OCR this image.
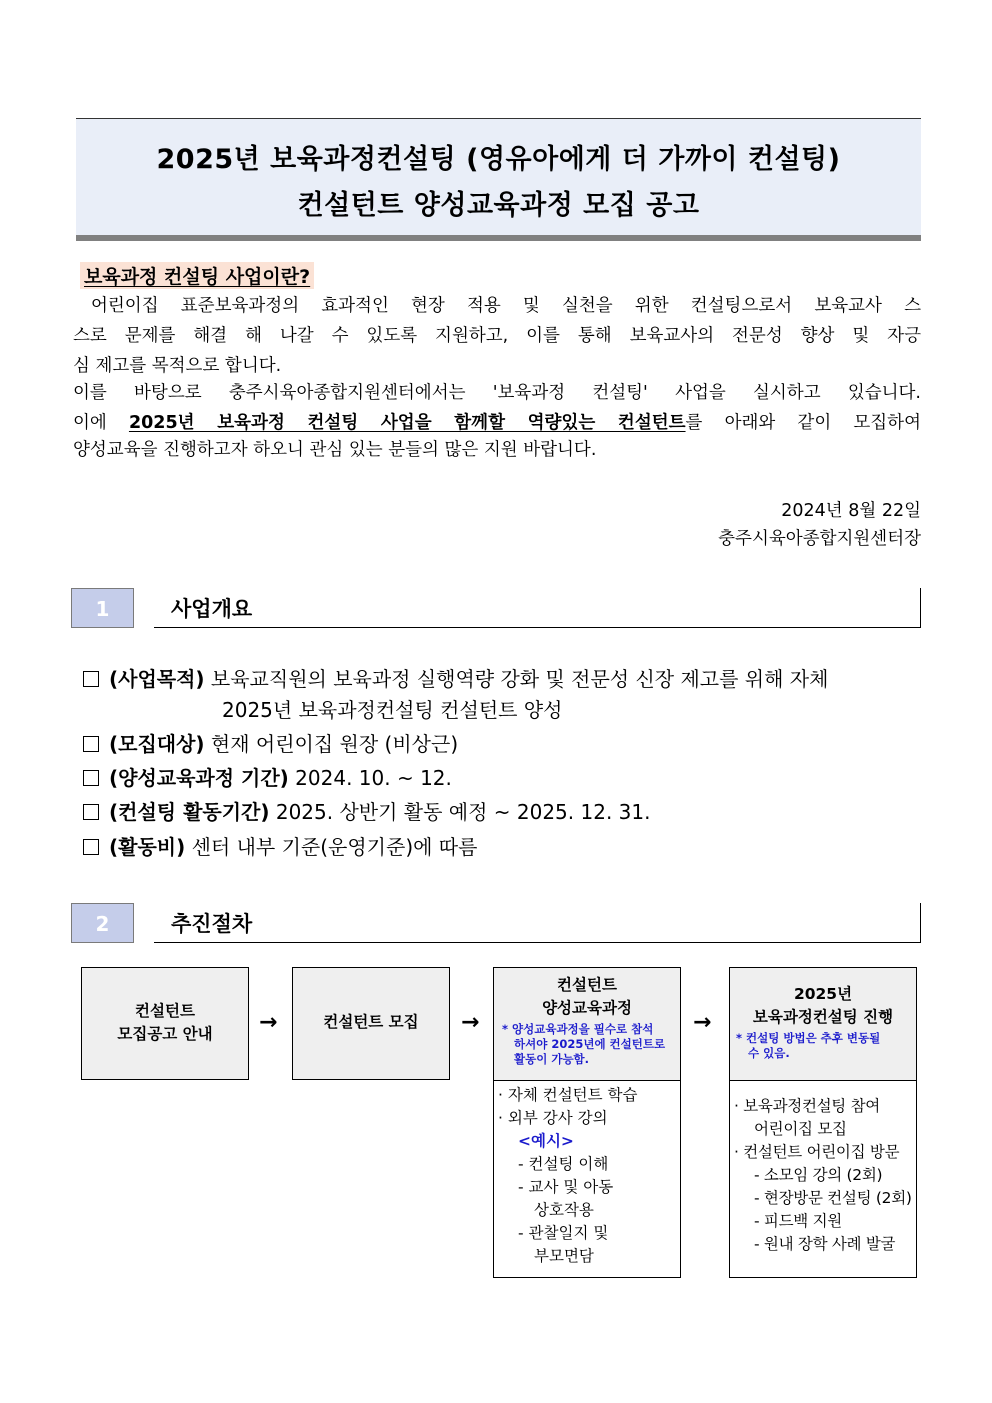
2025년 보육과정컨설팅 (영유아에게 더 가까이 컨설팅)
컨설턴트 양성교육과정 모집 공고
보육과정 컨설팅 사업이란?
어린이집 표준보육과정의 효과적인 현장 적용 및 실천을 위한 컨설팅으로서 보육교사 스
스로 문제를 해결 해 나갈 수 있도록 지원하고, 이를 통해 보육교사의 전문성 향상 및 자긍
심 제고를 목적으로 합니다.
이를 바탕으로 충주시육아종합지원센터에서는 '보육과정 컨설팅' 사업을 실시하고 있습니다.
이에 2025년 보육과정 컨설팅 사업을 함께할 역량있는 컨설턴트를 아래와 같이 모집하여
양성교육을 진행하고자 하오니 관심 있는 분들의 많은 지원 바랍니다.
2024년 8월 22일
충주시육아종합지원센터장
1	사업개요
(사업목적) 보육교직원의 보육과정 실행역량 강화 및 전문성 신장 제고를 위해 자체
2025년 보육과정컨설팅 컨설턴트 양성
(모집대상) 현재 어린이집 원장 (비상근)
(양성교육과정 기간) 2024. 10. ~ 12.
(컨설팅 활동기간) 2025. 상반기 활동 예정 ~ 2025. 12. 31.
(활동비) 센터 내부 기준(운영기준)에 따름
2	추진절차
컨설턴트
모집공고 안내	→	컨설턴트 모집	→
컨설턴트
양성교육과정
* 양성교육과정을 필수로 참석
하셔야 2025년에 컨설턴트로
활동이 가능함.
· 자체 컨설턴트 학습
· 외부 강사 강의
<예시>
- 컨설팅 이해
- 교사 및 아동
상호작용
- 관찰일지 및
부모면담
→
2025년
보육과정컨설팅 진행
* 컨설팅 방법은 추후 변동될
수 있음.
· 보육과정컨설팅 참여
어린이집 모집
· 컨설턴트 어린이집 방문
- 소모임 강의 (2회)
- 현장방문 컨설팅 (2회)
- 피드백 지원
- 원내 장학 사례 발굴
